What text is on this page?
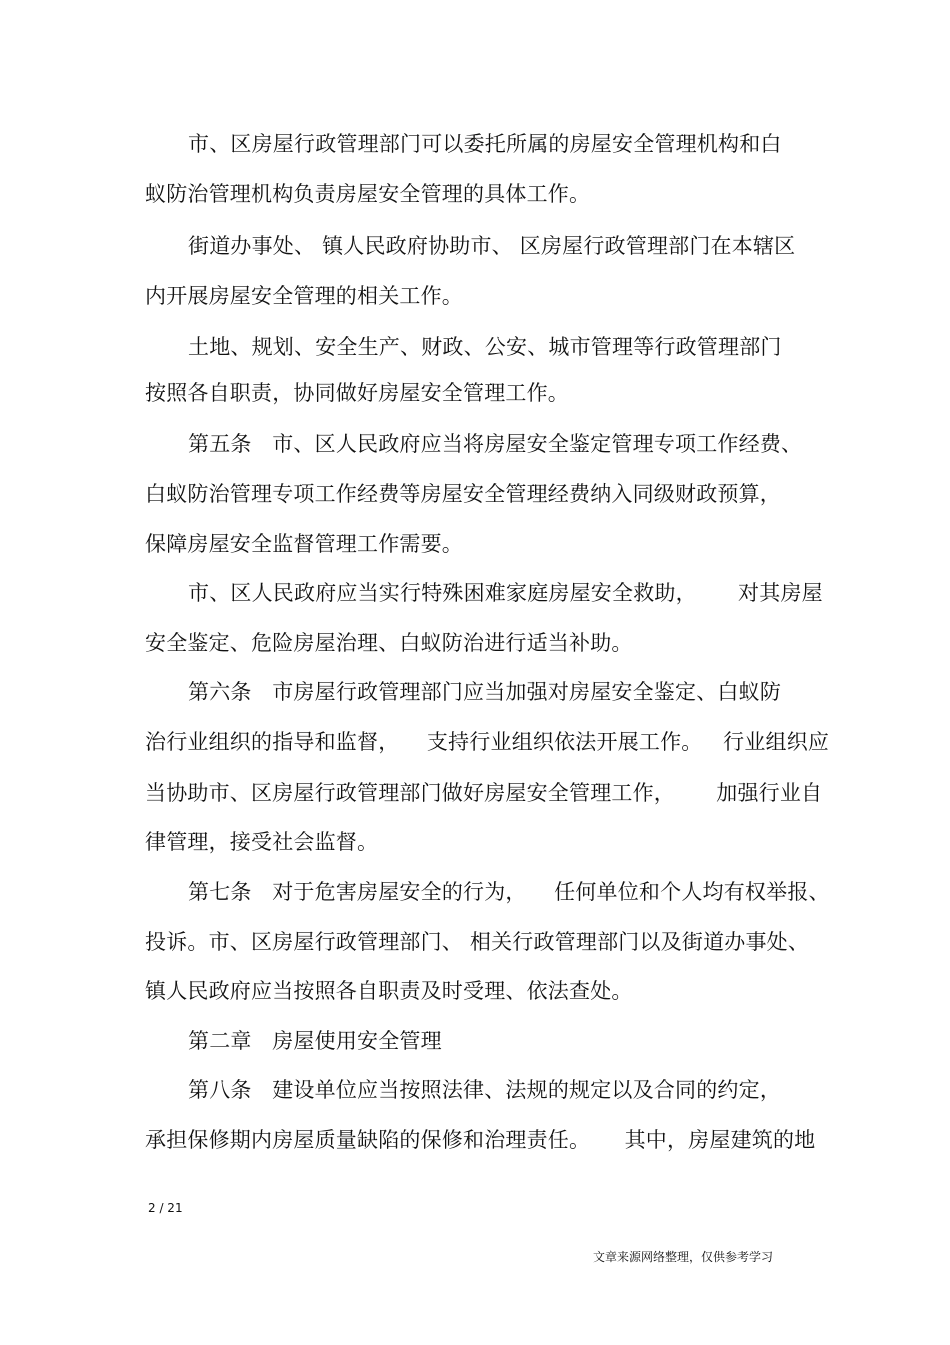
市、区房屋行政管理部门可以委托所属的房屋安全管理机构和白
蚁防治管理机构负责房屋安全管理的具体工作。
街道办事处、 镇人民政府协助市、 区房屋行政管理部门在本辖区
内开展房屋安全管理的相关工作。
土地、规划、安全生产、财政、公安、城市管理等行政管理部门
按照各自职责，协同做好房屋安全管理工作。
第五条   市、区人民政府应当将房屋安全鉴定管理专项工作经费、
白蚁防治管理专项工作经费等房屋安全管理经费纳入同级财政预算，
保障房屋安全监督管理工作需要。
市、区人民政府应当实行特殊困难家庭房屋安全救助，      对其房屋
安全鉴定、危险房屋治理、白蚁防治进行适当补助。
第六条   市房屋行政管理部门应当加强对房屋安全鉴定、白蚁防
治行业组织的指导和监督，    支持行业组织依法开展工作。   行业组织应
当协助市、区房屋行政管理部门做好房屋安全管理工作，      加强行业自
律管理，接受社会监督。
第七条   对于危害房屋安全的行为，    任何单位和个人均有权举报、
投诉。市、区房屋行政管理部门、 相关行政管理部门以及街道办事处、
镇人民政府应当按照各自职责及时受理、依法查处。
第二章   房屋使用安全管理
第八条   建设单位应当按照法律、法规的规定以及合同的约定，
承担保修期内房屋质量缺陷的保修和治理责任。     其中，房屋建筑的地
2 / 21
文章来源网络整理，仅供参考学习
